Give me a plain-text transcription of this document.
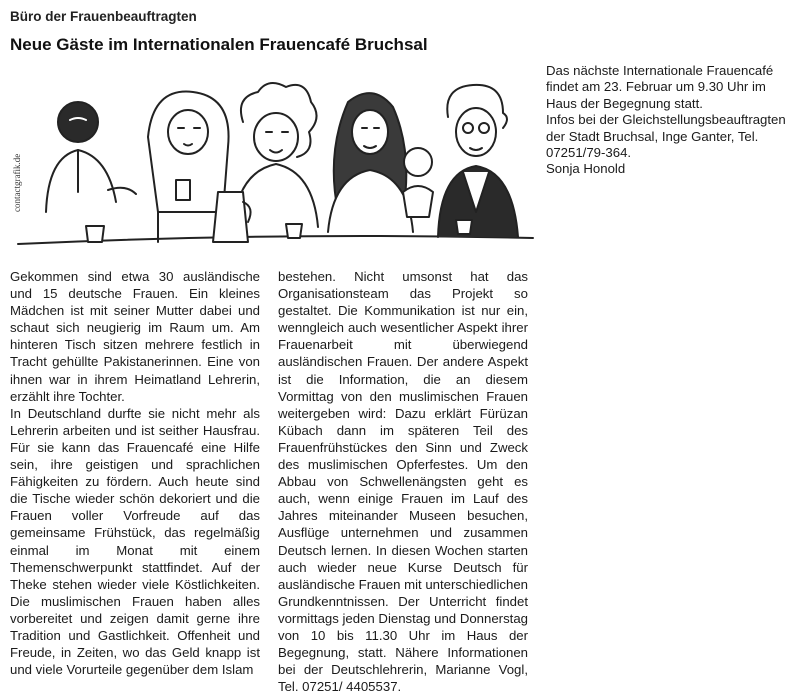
Büro der Frauenbeauftragten
Neue Gäste im Internationalen Frauencafé Bruchsal
contactgrafik.de

Gekommen sind etwa 30 ausländische und 15 deutsche Frauen. Ein kleines Mädchen ist mit seiner Mutter dabei und schaut sich neugierig im Raum um. Am hinteren Tisch sitzen mehrere festlich in Tracht gehüllte Pakistanerinnen. Eine von ihnen war in ihrem Heimatland Lehrerin, erzählt ihre Tochter.

In Deutschland durfte sie nicht mehr als Lehrerin arbeiten und ist seither Hausfrau. Für sie kann das Frauencafé eine Hilfe sein, ihre geistigen und sprachlichen Fähigkeiten zu fördern. Auch heute sind die Tische wieder schön dekoriert und die Frauen voller Vorfreude auf das gemeinsame Frühstück, das regelmäßig einmal im Monat mit einem Themenschwerpunkt stattfindet. Auf der Theke stehen wieder viele Köstlichkeiten. Die muslimischen Frauen haben alles vorbereitet und zeigen damit gerne ihre Tradition und Gastlichkeit. Offenheit und Freude, in Zeiten, wo das Geld knapp ist und viele Vorurteile gegenüber dem Islam

bestehen. Nicht umsonst hat das Organisationsteam das Projekt so gestaltet. Die Kommunikation ist nur ein, wenngleich auch wesentlicher Aspekt ihrer Frauenarbeit mit überwiegend ausländischen Frauen. Der andere Aspekt ist die Information, die an diesem Vormittag von den muslimischen Frauen weitergeben wird: Dazu erklärt Fürüzan Kübach dann im späteren Teil des Frauenfrühstückes den Sinn und Zweck des muslimischen Opferfestes. Um den Abbau von Schwellenängsten geht es auch, wenn einige Frauen im Lauf des Jahres miteinander Museen besuchen, Ausflüge unternehmen und zusammen Deutsch lernen. In diesen Wochen starten auch wieder neue Kurse Deutsch für ausländische Frauen mit unterschiedlichen Grundkenntnissen. Der Unterricht findet vormittags jeden Dienstag und Donnerstag von 10 bis 11.30 Uhr im Haus der Begegnung, statt. Nähere Informationen bei der Deutschlehrerin, Marianne Vogl, Tel. 07251/ 4405537.

Das nächste Internationale Frauencafé findet am 23. Februar um 9.30 Uhr im Haus der Begegnung statt.

Infos bei der Gleichstellungsbeauftragten der Stadt Bruchsal, Inge Ganter, Tel. 07251/79-364.

Sonja Honold
